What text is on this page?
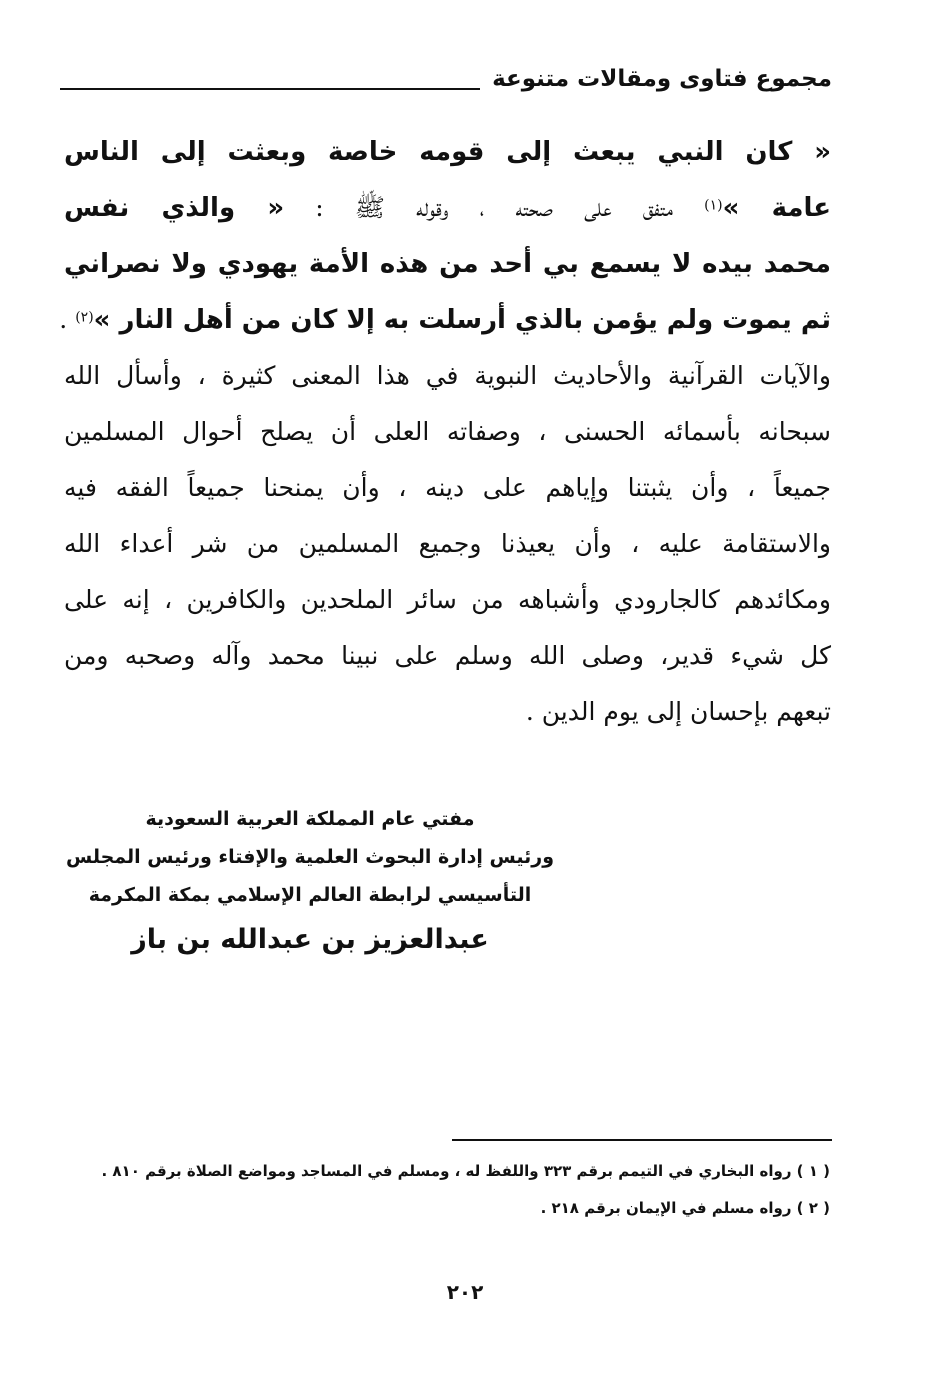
مجموع فتاوى ومقالات متنوعة
« كان النبي يبعث إلى قومه خاصة وبعثت إلى الناس
عامة »(١) متفق على صحته ، وقوله ﷺ : « والذي نفس
محمد بيده لا يسمع بي أحد من هذه الأمة يهودي ولا نصراني
ثم يموت ولم يؤمن بالذي أرسلت به إلا كان من أهل النار »(٢) .
والآيات القرآنية والأحاديث النبوية في هذا المعنى كثيرة ، وأسأل الله
سبحانه بأسمائه الحسنى ، وصفاته العلى أن يصلح أحوال المسلمين
جميعاً ، وأن يثبتنا وإياهم على دينه ، وأن يمنحنا جميعاً الفقه فيه
والاستقامة عليه ، وأن يعيذنا وجميع المسلمين من شر أعداء الله
ومكائدهم كالجارودي وأشباهه من سائر الملحدين والكافرين ، إنه على
كل شيء قدير، وصلى الله وسلم على نبينا محمد وآله وصحبه ومن
تبعهم بإحسان إلى يوم الدين .
مفتي عام المملكة العربية السعودية
ورئيس إدارة البحوث العلمية والإفتاء ورئيس المجلس
التأسيسي لرابطة العالم الإسلامي بمكة المكرمة
عبدالعزيز بن عبدالله بن باز
( ١ ) رواه البخاري في التيمم برقم ٣٢٣ واللفظ له ، ومسلم في المساجد ومواضع الصلاة برقم ٨١٠ .
( ٢ ) رواه مسلم في الإيمان برقم ٢١٨ .
٢٠٢
